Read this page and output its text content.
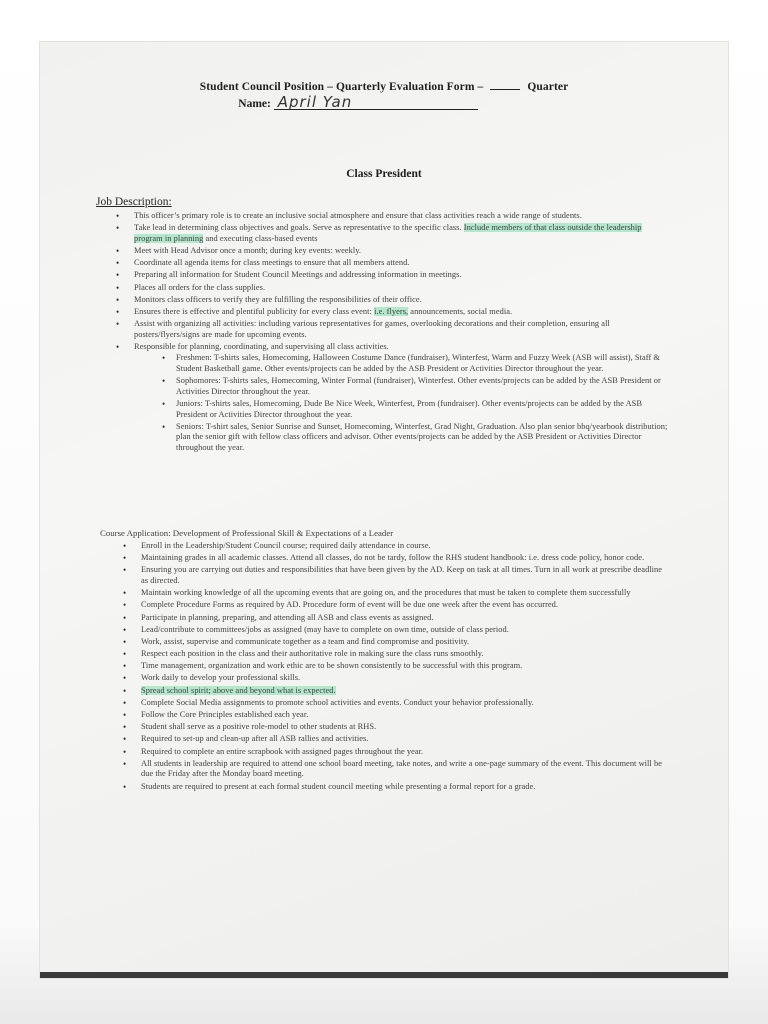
Student Council Position – Quarterly Evaluation Form –	Quarter
Name: April Yan
Class President
Job Description:
• This officer’s primary role is to create an inclusive social atmosphere and ensure that class activities reach a wide range of students.
• Take lead in determining class objectives and goals. Serve as representative to the specific class. Include members of that class outside the leadership program in planning and executing class-based events
• Meet with Head Advisor once a month; during key events: weekly.
• Coordinate all agenda items for class meetings to ensure that all members attend.
• Preparing all information for Student Council Meetings and addressing information in meetings.
• Places all orders for the class supplies.
• Monitors class officers to verify they are fulfilling the responsibilities of their office.
• Ensures there is effective and plentiful publicity for every class event: i.e. flyers, announcements, social media.
• Assist with organizing all activities: including various representatives for games, overlooking decorations and their completion, ensuring all posters/flyers/signs are made for upcoming events.
• Responsible for planning, coordinating, and supervising all class activities.
• Freshmen: T-shirts sales, Homecoming, Halloween Costume Dance (fundraiser), Winterfest, Warm and Fuzzy Week (ASB will assist), Staff & Student Basketball game. Other events/projects can be added by the ASB President or Activities Director throughout the year.
• Sophomores: T-shirts sales, Homecoming, Winter Formal (fundraiser), Winterfest. Other events/projects can be added by the ASB President or Activities Director throughout the year.
• Juniors: T-shirts sales, Homecoming, Dude Be Nice Week, Winterfest, Prom (fundraiser). Other events/projects can be added by the ASB President or Activities Director throughout the year.
• Seniors: T-shirt sales, Senior Sunrise and Sunset, Homecoming, Winterfest, Grad Night, Graduation. Also plan senior bbq/yearbook distribution; plan the senior gift with fellow class officers and advisor. Other events/projects can be added by the ASB President or Activities Director throughout the year.
Course Application: Development of Professional Skill & Expectations of a Leader
• Enroll in the Leadership/Student Council course; required daily attendance in course.
• Maintaining grades in all academic classes. Attend all classes, do not be tardy, follow the RHS student handbook: i.e. dress code policy, honor code.
• Ensuring you are carrying out duties and responsibilities that have been given by the AD. Keep on task at all times. Turn in all work at prescribe deadline as directed.
• Maintain working knowledge of all the upcoming events that are going on, and the procedures that must be taken to complete them successfully
• Complete Procedure Forms as required by AD. Procedure form of event will be due one week after the event has occurred.
• Participate in planning, preparing, and attending all ASB and class events as assigned.
• Lead/contribute to committees/jobs as assigned (may have to complete on own time, outside of class period.
• Work, assist, supervise and communicate together as a team and find compromise and positivity.
• Respect each position in the class and their authoritative role in making sure the class runs smoothly.
• Time management, organization and work ethic are to be shown consistently to be successful with this program.
• Work daily to develop your professional skills.
• Spread school spirit; above and beyond what is expected.
• Complete Social Media assignments to promote school activities and events. Conduct your behavior professionally.
• Follow the Core Principles established each year.
• Student shall serve as a positive role-model to other students at RHS.
• Required to set-up and clean-up after all ASB rallies and activities.
• Required to complete an entire scrapbook with assigned pages throughout the year.
• All students in leadership are required to attend one school board meeting, take notes, and write a one-page summary of the event. This document will be due the Friday after the Monday board meeting.
• Students are required to present at each formal student council meeting while presenting a formal report for a grade.
